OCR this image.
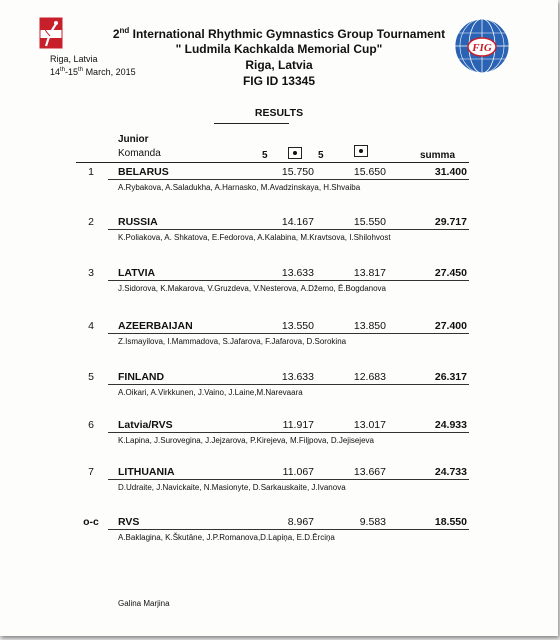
Riga, Latvia
14th-15th March, 2015
2nd International Rhythmic Gymnastics Group Tournament
" Ludmila Kachkalda Memorial Cup"
Riga, Latvia
FIG ID 13345
FIG
RESULTS
Junior
Komanda	5	5	summa
1	BELARUS	15.750	15.650	31.400
A.Rybakova, A.Saladukha, A.Harnasko, M.Avadzinskaya, H.Shvaiba
2	RUSSIA	14.167	15.550	29.717
K.Poliakova, A. Shkatova, E.Fedorova, A.Kalabina, M.Kravtsova, I.Shilohvost
3	LATVIA	13.633	13.817	27.450
J.Sidorova, K.Makarova, V.Gruzdeva, V.Nesterova, A.Džemo, Ē.Bogdanova
4	AZEERBAIJAN	13.550	13.850	27.400
Z.Ismayilova, I.Mammadova, S.Jafarova, F.Jafarova, D.Sorokina
5	FINLAND	13.633	12.683	26.317
A.Oikari, A.Virkkunen, J.Vaino, J.Laine,M.Narevaara
6	Latvia/RVS	11.917	13.017	24.933
K.Lapina, J.Surovegina, J.Jejzarova, P.Kirejeva, M.Filjpova, D.Jejisejeva
7	LITHUANIA	11.067	13.667	24.733
D.Udraite, J.Navickaite, N.Masionyte, D.Sarkauskaite, J.Ivanova
o-c	RVS	8.967	9.583	18.550
A.Baklagina, K.Škutāne, J.P.Romanova,D.Lapiņa, E.D.Ērciņa
Galina Marjina
